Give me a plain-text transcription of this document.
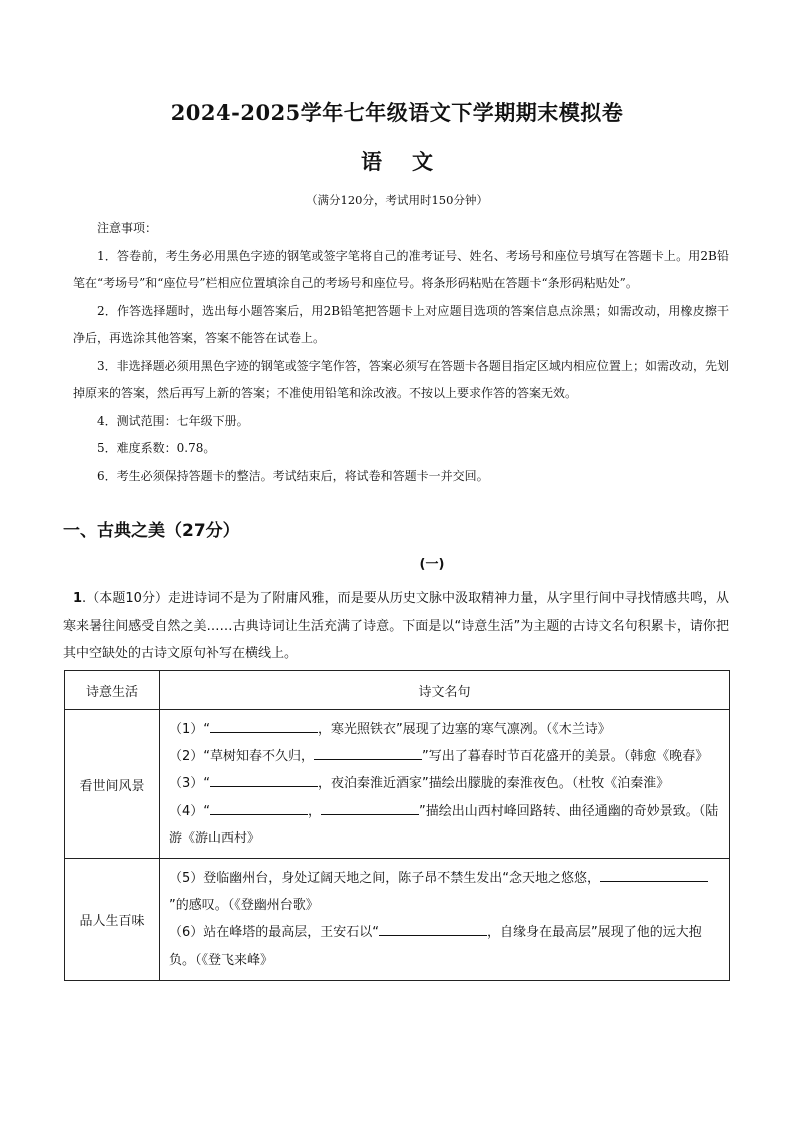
2024-2025学年七年级语文下学期期末模拟卷
语 文
（满分120分，考试用时150分钟）
注意事项：

1．答卷前，考生务必用黑色字迹的钢笔或签字笔将自己的准考证号、姓名、考场号和座位号填写在答题卡上。用2B铅笔在“考场号”和“座位号”栏相应位置填涂自己的考场号和座位号。将条形码粘贴在答题卡“条形码粘贴处”。

2．作答选择题时，选出每小题答案后，用2B铅笔把答题卡上对应题目选项的答案信息点涂黑；如需改动，用橡皮擦干净后，再选涂其他答案，答案不能答在试卷上。

3．非选择题必须用黑色字迹的钢笔或签字笔作答，答案必须写在答题卡各题目指定区域内相应位置上；如需改动，先划掉原来的答案，然后再写上新的答案；不准使用铅笔和涂改液。不按以上要求作答的答案无效。

4．测试范围：七年级下册。

5．难度系数：0.78。

6．考生必须保持答题卡的整洁。考试结束后，将试卷和答题卡一并交回。

一、古典之美（27分）
(一)

1.（本题10分）走进诗词不是为了附庸风雅，而是要从历史文脉中汲取精神力量，从字里行间中寻找情感共鸣，从寒来暑往间感受自然之美……古典诗词让生活充满了诗意。下面是以“诗意生活”为主题的古诗文名句积累卡，请你把其中空缺处的古诗文原句补写在横线上。

诗意生活	诗文名句
看世间风景	（1）“ ，寒光照铁衣”展现了边塞的寒气凛冽。（《木兰诗》
（2）“草树知春不久归， ”写出了暮春时节百花盛开的美景。（韩愈《晚春》
（3）“ ，夜泊秦淮近酒家”描绘出朦胧的秦淮夜色。（杜牧《泊秦淮》
（4）“ ， ”描绘出山西村峰回路转、曲径通幽的奇妙景致。（陆游《游山西村》

品人生百味	（5）登临幽州台，身处辽阔天地之间，陈子昂不禁生发出“念天地之悠悠，”的感叹。（《登幽州台歌》
（6）站在峰塔的最高层，王安石以“ ，自缘身在最高层”展现了他的远大抱负。（《登飞来峰》
